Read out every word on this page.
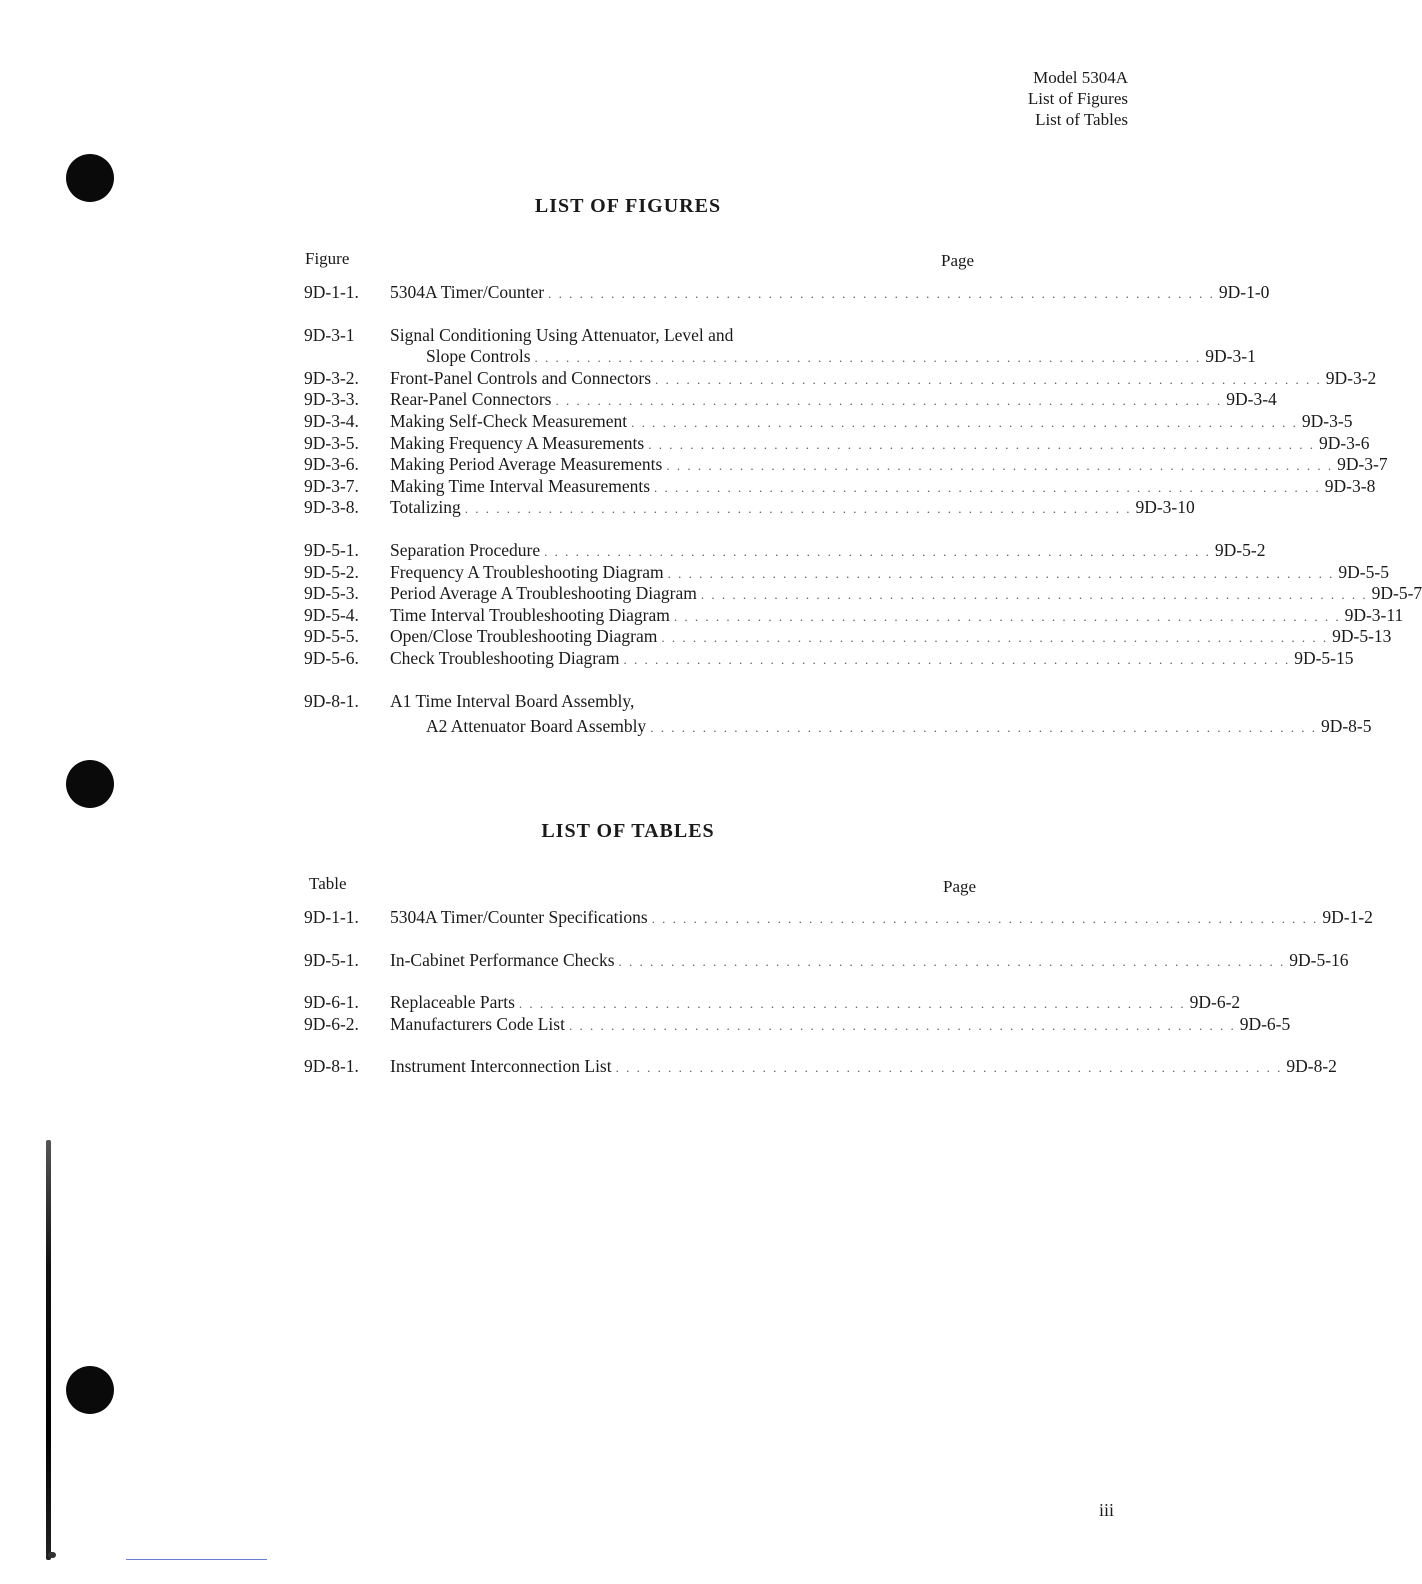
Model 5304A
List of Figures
List of Tables
LIST OF FIGURES
Figure	Page
9D-1-1.	5304A Timer/Counter . . . . . . . . . . . . . . . . . . . . . . . . . . . . . . . . . . . . . . . . . . . . . . . . . . . . . . . . . . . . . . . . 9D-1-0
9D-3-1	Signal Conditioning Using Attenuator, Level and
Slope Controls . . . . . . . . . . . . . . . . . . . . . . . . . . . . . . . . . . . . . . . . . . . . . . . . . . . . . . . . . . . . . . . . 9D-3-1
9D-3-2.	Front-Panel Controls and Connectors . . . . . . . . . . . . . . . . . . . . . . . . . . . . . . . . . . . . . . . . . . . . . . . . . . . . . . . . . . . . . . . . 9D-3-2
9D-3-3.	Rear-Panel Connectors . . . . . . . . . . . . . . . . . . . . . . . . . . . . . . . . . . . . . . . . . . . . . . . . . . . . . . . . . . . . . . . . 9D-3-4
9D-3-4.	Making Self-Check Measurement . . . . . . . . . . . . . . . . . . . . . . . . . . . . . . . . . . . . . . . . . . . . . . . . . . . . . . . . . . . . . . . . 9D-3-5
9D-3-5.	Making Frequency A Measurements . . . . . . . . . . . . . . . . . . . . . . . . . . . . . . . . . . . . . . . . . . . . . . . . . . . . . . . . . . . . . . . . 9D-3-6
9D-3-6.	Making Period Average Measurements . . . . . . . . . . . . . . . . . . . . . . . . . . . . . . . . . . . . . . . . . . . . . . . . . . . . . . . . . . . . . . . . 9D-3-7
9D-3-7.	Making Time Interval Measurements . . . . . . . . . . . . . . . . . . . . . . . . . . . . . . . . . . . . . . . . . . . . . . . . . . . . . . . . . . . . . . . . 9D-3-8
9D-3-8.	Totalizing . . . . . . . . . . . . . . . . . . . . . . . . . . . . . . . . . . . . . . . . . . . . . . . . . . . . . . . . . . . . . . . . 9D-3-10
9D-5-1.	Separation Procedure . . . . . . . . . . . . . . . . . . . . . . . . . . . . . . . . . . . . . . . . . . . . . . . . . . . . . . . . . . . . . . . . 9D-5-2
9D-5-2.	Frequency A Troubleshooting Diagram . . . . . . . . . . . . . . . . . . . . . . . . . . . . . . . . . . . . . . . . . . . . . . . . . . . . . . . . . . . . . . . . 9D-5-5
9D-5-3.	Period Average A Troubleshooting Diagram . . . . . . . . . . . . . . . . . . . . . . . . . . . . . . . . . . . . . . . . . . . . . . . . . . . . . . . . . . . . . . . . 9D-5-7
9D-5-4.	Time Interval Troubleshooting Diagram . . . . . . . . . . . . . . . . . . . . . . . . . . . . . . . . . . . . . . . . . . . . . . . . . . . . . . . . . . . . . . . . 9D-3-11
9D-5-5.	Open/Close Troubleshooting Diagram . . . . . . . . . . . . . . . . . . . . . . . . . . . . . . . . . . . . . . . . . . . . . . . . . . . . . . . . . . . . . . . . 9D-5-13
9D-5-6.	Check Troubleshooting Diagram . . . . . . . . . . . . . . . . . . . . . . . . . . . . . . . . . . . . . . . . . . . . . . . . . . . . . . . . . . . . . . . . 9D-5-15
9D-8-1.	A1 Time Interval Board Assembly,
A2 Attenuator Board Assembly . . . . . . . . . . . . . . . . . . . . . . . . . . . . . . . . . . . . . . . . . . . . . . . . . . . . . . . . . . . . . . . . 9D-8-5
LIST OF TABLES
Table	Page
9D-1-1.	5304A Timer/Counter Specifications . . . . . . . . . . . . . . . . . . . . . . . . . . . . . . . . . . . . . . . . . . . . . . . . . . . . . . . . . . . . . . . . 9D-1-2
9D-5-1.	In-Cabinet Performance Checks . . . . . . . . . . . . . . . . . . . . . . . . . . . . . . . . . . . . . . . . . . . . . . . . . . . . . . . . . . . . . . . . 9D-5-16
9D-6-1.	Replaceable Parts . . . . . . . . . . . . . . . . . . . . . . . . . . . . . . . . . . . . . . . . . . . . . . . . . . . . . . . . . . . . . . . . 9D-6-2
9D-6-2.	Manufacturers Code List . . . . . . . . . . . . . . . . . . . . . . . . . . . . . . . . . . . . . . . . . . . . . . . . . . . . . . . . . . . . . . . . 9D-6-5
9D-8-1.	Instrument Interconnection List . . . . . . . . . . . . . . . . . . . . . . . . . . . . . . . . . . . . . . . . . . . . . . . . . . . . . . . . . . . . . . . . 9D-8-2
iii
